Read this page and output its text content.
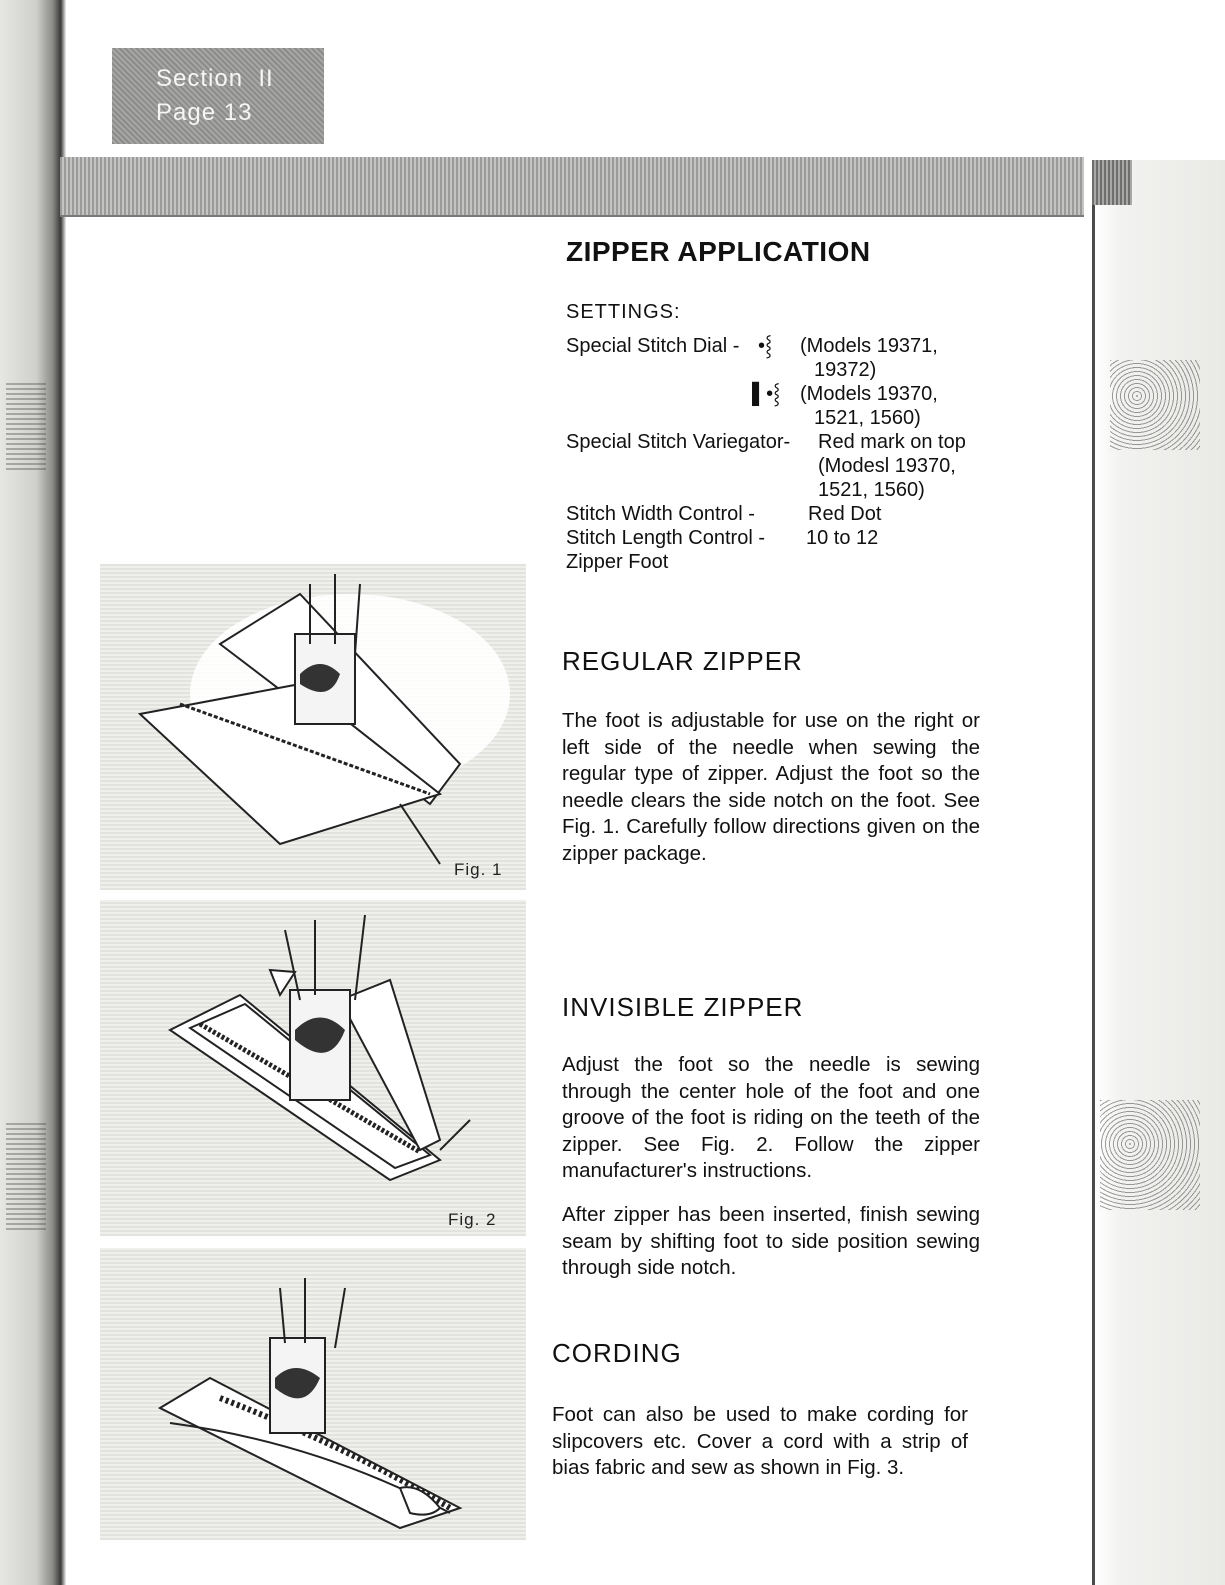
Section  II
Page 13
ZIPPER APPLICATION
SETTINGS:
Special Stitch Dial - •⸾ (Models 19371,
19372)
▌•⸾ (Models 19370,
1521, 1560)
Special Stitch Variegator- Red mark on top
(Modesl 19370,
1521, 1560)
Stitch Width Control -	Red Dot
Stitch Length Control - 10 to 12
Zipper Foot
REGULAR ZIPPER

The foot is adjustable for use on the right or left side of the needle when sewing the regular type of zipper. Adjust the foot so the needle clears the side notch on the foot. See Fig. 1. Carefully follow directions given on the zipper package.

INVISIBLE ZIPPER

Adjust the foot so the needle is sewing through the center hole of the foot and one groove of the foot is riding on the teeth of the zipper. See Fig. 2. Follow the zipper manufacturer's instructions.

After zipper has been inserted, finish sewing seam by shifting foot to side position sewing through side notch.

CORDING

Foot can also be used to make cording for slipcovers etc. Cover a cord with a strip of bias fabric and sew as shown in Fig. 3.

Fig. 1
Fig. 2
